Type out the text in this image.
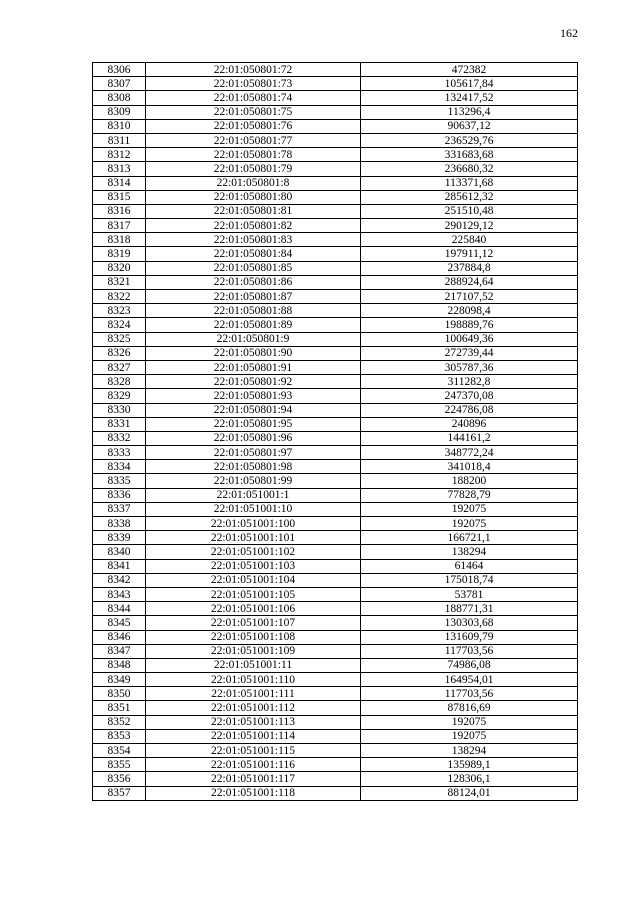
162
8306	22:01:050801:72	472382
8307	22:01:050801:73	105617,84
8308	22:01:050801:74	132417,52
8309	22:01:050801:75	113296,4
8310	22:01:050801:76	90637,12
8311	22:01:050801:77	236529,76
8312	22:01:050801:78	331683,68
8313	22:01:050801:79	236680,32
8314	22:01:050801:8	113371,68
8315	22:01:050801:80	285612,32
8316	22:01:050801:81	251510,48
8317	22:01:050801:82	290129,12
8318	22:01:050801:83	225840
8319	22:01:050801:84	197911,12
8320	22:01:050801:85	237884,8
8321	22:01:050801:86	288924,64
8322	22:01:050801:87	217107,52
8323	22:01:050801:88	228098,4
8324	22:01:050801:89	198889,76
8325	22:01:050801:9	100649,36
8326	22:01:050801:90	272739,44
8327	22:01:050801:91	305787,36
8328	22:01:050801:92	311282,8
8329	22:01:050801:93	247370,08
8330	22:01:050801:94	224786,08
8331	22:01:050801:95	240896
8332	22:01:050801:96	144161,2
8333	22:01:050801:97	348772,24
8334	22:01:050801:98	341018,4
8335	22:01:050801:99	188200
8336	22:01:051001:1	77828,79
8337	22:01:051001:10	192075
8338	22:01:051001:100	192075
8339	22:01:051001:101	166721,1
8340	22:01:051001:102	138294
8341	22:01:051001:103	61464
8342	22:01:051001:104	175018,74
8343	22:01:051001:105	53781
8344	22:01:051001:106	188771,31
8345	22:01:051001:107	130303,68
8346	22:01:051001:108	131609,79
8347	22:01:051001:109	117703,56
8348	22:01:051001:11	74986,08
8349	22:01:051001:110	164954,01
8350	22:01:051001:111	117703,56
8351	22:01:051001:112	87816,69
8352	22:01:051001:113	192075
8353	22:01:051001:114	192075
8354	22:01:051001:115	138294
8355	22:01:051001:116	135989,1
8356	22:01:051001:117	128306,1
8357	22:01:051001:118	88124,01
